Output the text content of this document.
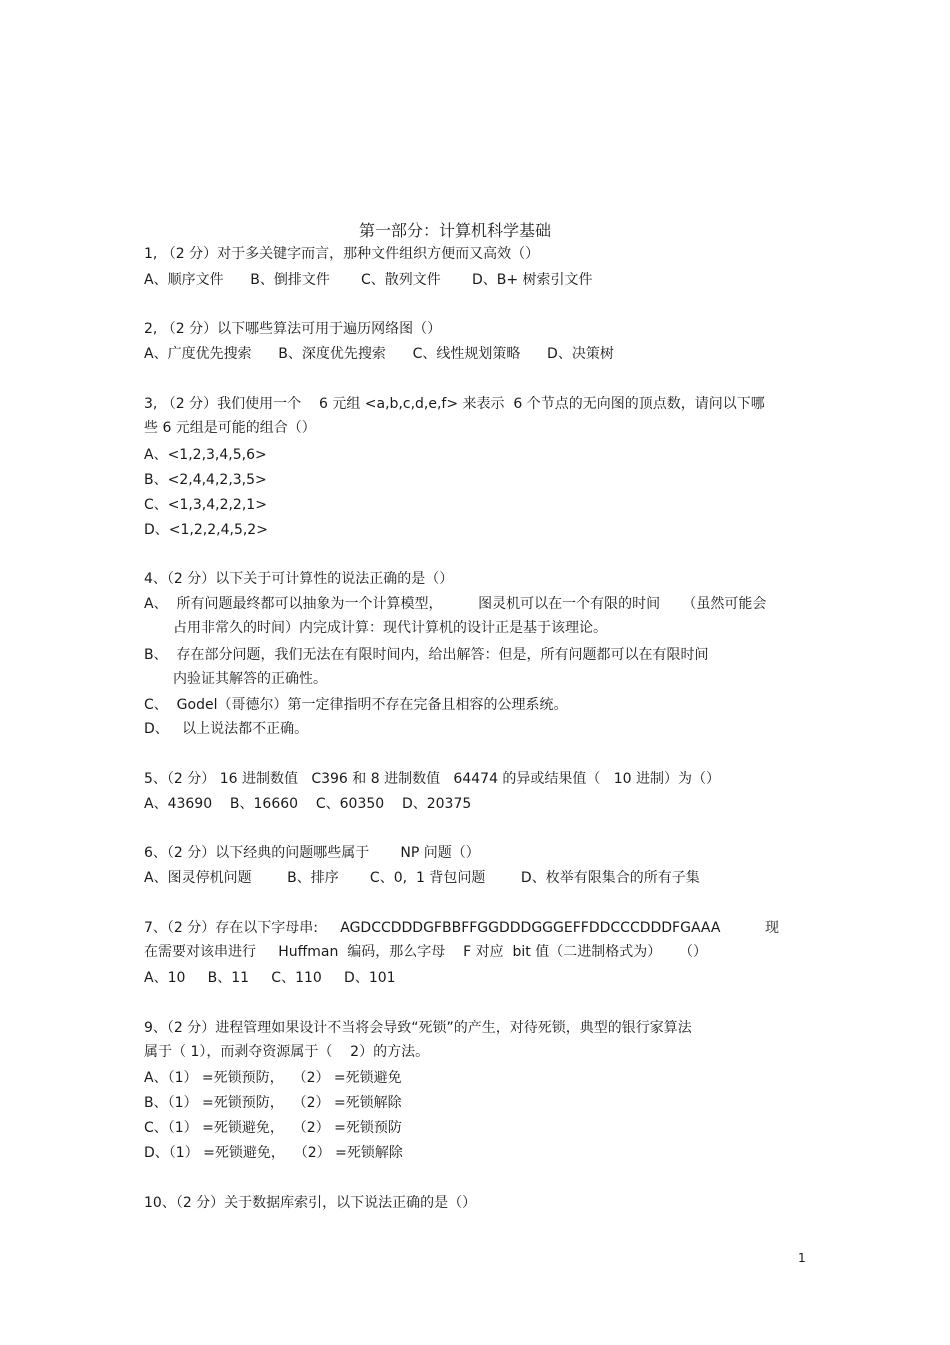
第一部分：计算机科学基础
1, （2 分）对于多关键字而言，那种文件组织方便而又高效（）
A、顺序文件      B、倒排文件       C、散列文件       D、B+ 树索引文件
2, （2 分）以下哪些算法可用于遍历网络图（）
A、广度优先搜索      B、深度优先搜索      C、线性规划策略      D、决策树
3, （2 分）我们使用一个    6 元组 <a,b,c,d,e,f> 来表示  6 个节点的无向图的顶点数，请问以下哪
些 6 元组是可能的组合（）
A、<1,2,3,4,5,6>
B、<2,4,4,2,3,5>
C、<1,3,4,2,2,1>
D、<1,2,2,4,5,2>
4、（2 分）以下关于可计算性的说法正确的是（）
A、  所有问题最终都可以抽象为一个计算模型，        图灵机可以在一个有限的时间     （虽然可能会
占用非常久的时间）内完成计算：现代计算机的设计正是基于该理论。
B、  存在部分问题，我们无法在有限时间内，给出解答：但是，所有问题都可以在有限时间
内验证其解答的正确性。
C、  Godel（哥德尔）第一定律指明不存在完备且相容的公理系统。
D、   以上说法都不正确。
5、（2 分） 16 进制数值   C396 和 8 进制数值   64474 的异或结果值（   10 进制）为（）
A、43690    B、16660    C、60350    D、20375
6、（2 分）以下经典的问题哪些属于       NP 问题（）
A、图灵停机问题        B、排序       C、0,  1 背包问题        D、枚举有限集合的所有子集
7、（2 分）存在以下字母串:     AGDCCDDDGFBBFFGGDDDGGGEFFDDCCCDDDFGAAA          现
在需要对该串进行     Huffman  编码，那么字母    F 对应  bit 值（二进制格式为）    （）
A、10     B、11     C、110     D、101
9、（2 分）进程管理如果设计不当将会导致“死锁”的产生，对待死锁，典型的银行家算法
属于（ 1），而剥夺资源属于（    2）的方法。
A、（1） =死锁预防，  （2） =死锁避免
B、（1） =死锁预防，  （2） =死锁解除
C、（1） =死锁避免，  （2） =死锁预防
D、（1） =死锁避免，  （2） =死锁解除
10、（2 分）关于数据库索引，以下说法正确的是（）
1
